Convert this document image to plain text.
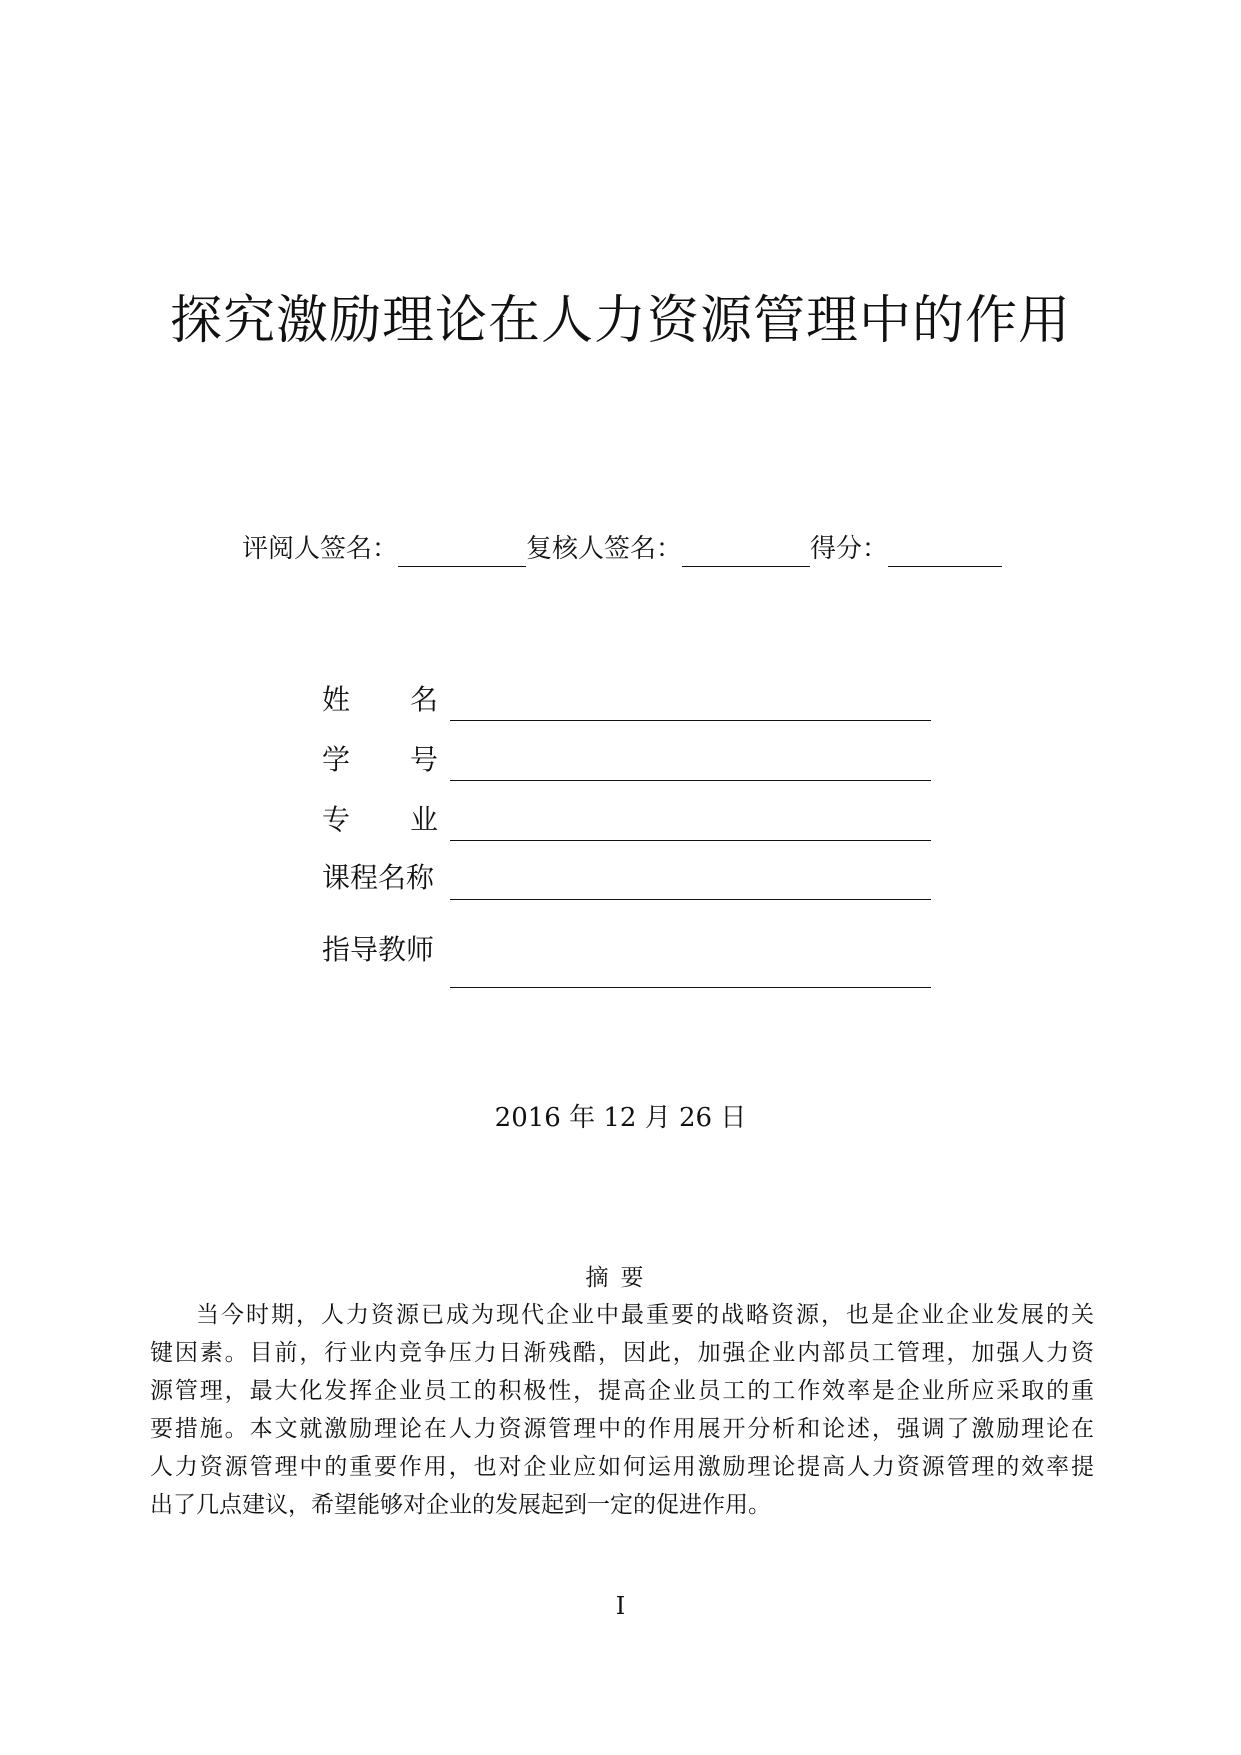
探究激励理论在人力资源管理中的作用
评阅人签名：	复核人签名：	得分：
姓 名
学 号
专 业
课程名称
指导教师
2016 年 12 月 26 日
摘要
当今时期，人力资源已成为现代企业中最重要的战略资源，也是企业企业发展的关
键因素。目前，行业内竞争压力日渐残酷，因此，加强企业内部员工管理，加强人力资
源管理，最大化发挥企业员工的积极性，提高企业员工的工作效率是企业所应采取的重
要措施。本文就激励理论在人力资源管理中的作用展开分析和论述，强调了激励理论在
人力资源管理中的重要作用，也对企业应如何运用激励理论提高人力资源管理的效率提
出了几点建议，希望能够对企业的发展起到一定的促进作用。
I
